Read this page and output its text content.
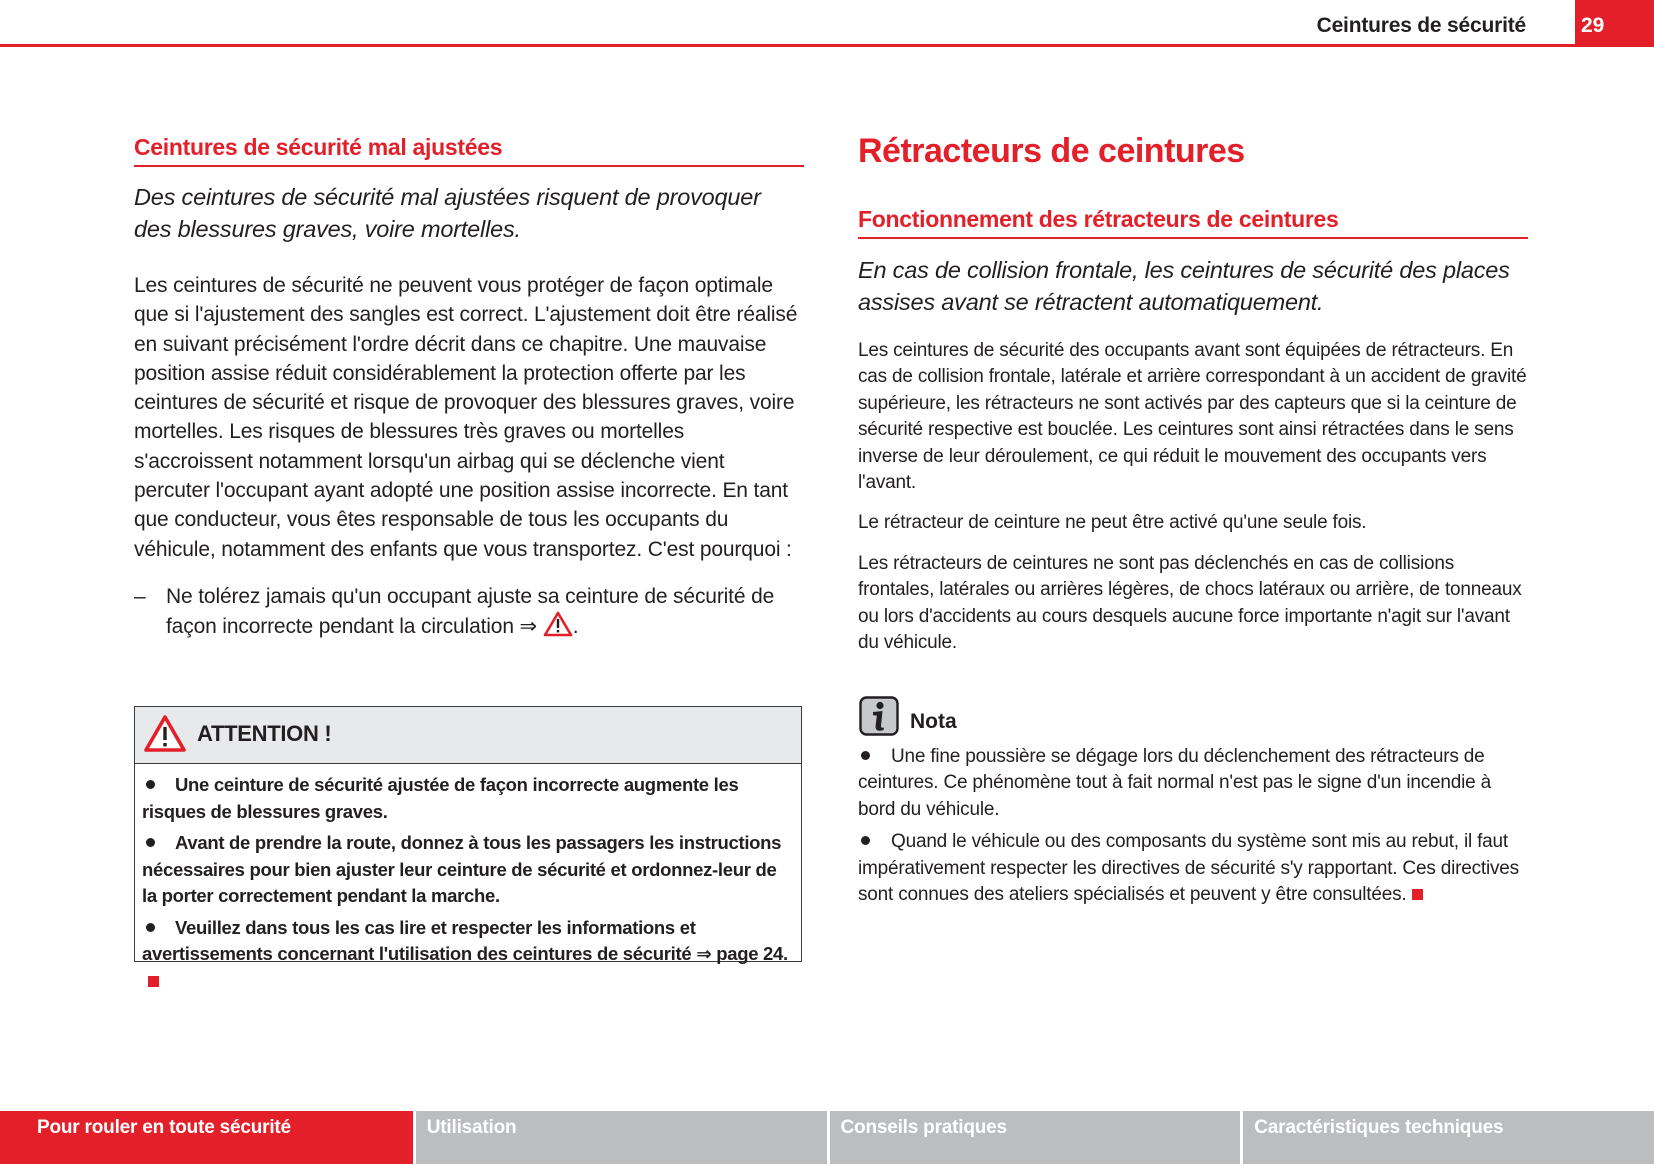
Ceintures de sécurité	29
Ceintures de sécurité mal ajustées

Des ceintures de sécurité mal ajustées risquent de provoquer des blessures graves, voire mortelles.

Les ceintures de sécurité ne peuvent vous protéger de façon optimale que si l'ajustement des sangles est correct. L'ajustement doit être réalisé en suivant précisément l'ordre décrit dans ce chapitre. Une mauvaise position assise réduit considérablement la protection offerte par les ceintures de sécurité et risque de provoquer des blessures graves, voire mortelles. Les risques de blessures très graves ou mortelles s'accroissent notamment lorsqu'un airbag qui se déclenche vient percuter l'occupant ayant adopté une position assise incorrecte. En tant que conducteur, vous êtes responsable de tous les occupants du véhicule, notamment des enfants que vous transportez. C'est pourquoi :

– Ne tolérez jamais qu'un occupant ajuste sa ceinture de sécurité de façon incorrecte pendant la circulation ⇒ .
ATTENTION !
Une ceinture de sécurité ajustée de façon incorrecte augmente les risques de blessures graves.
Avant de prendre la route, donnez à tous les passagers les instructions nécessaires pour bien ajuster leur ceinture de sécurité et ordonnez-leur de la porter correctement pendant la marche.
Veuillez dans tous les cas lire et respecter les informations et avertissements concernant l'utilisation des ceintures de sécurité ⇒ page 24.
Rétracteurs de ceintures
Fonctionnement des rétracteurs de ceintures

En cas de collision frontale, les ceintures de sécurité des places assises avant se rétractent automatiquement.

Les ceintures de sécurité des occupants avant sont équipées de rétracteurs. En cas de collision frontale, latérale et arrière correspondant à un accident de gravité supérieure, les rétracteurs ne sont activés par des capteurs que si la ceinture de sécurité respective est bouclée. Les ceintures sont ainsi rétractées dans le sens inverse de leur déroulement, ce qui réduit le mouvement des occupants vers l'avant.

Le rétracteur de ceinture ne peut être activé qu'une seule fois.

Les rétracteurs de ceintures ne sont pas déclenchés en cas de collisions frontales, latérales ou arrières légères, de chocs latéraux ou arrière, de tonneaux ou lors d'accidents au cours desquels aucune force importante n'agit sur l'avant du véhicule.

Nota
Une fine poussière se dégage lors du déclenchement des rétracteurs de ceintures. Ce phénomène tout à fait normal n'est pas le signe d'un incendie à bord du véhicule.
Quand le véhicule ou des composants du système sont mis au rebut, il faut impérativement respecter les directives de sécurité s'y rapportant. Ces directives sont connues des ateliers spécialisés et peuvent y être consultées.
Pour rouler en toute sécurité	Utilisation	Conseils pratiques	Caractéristiques techniques
